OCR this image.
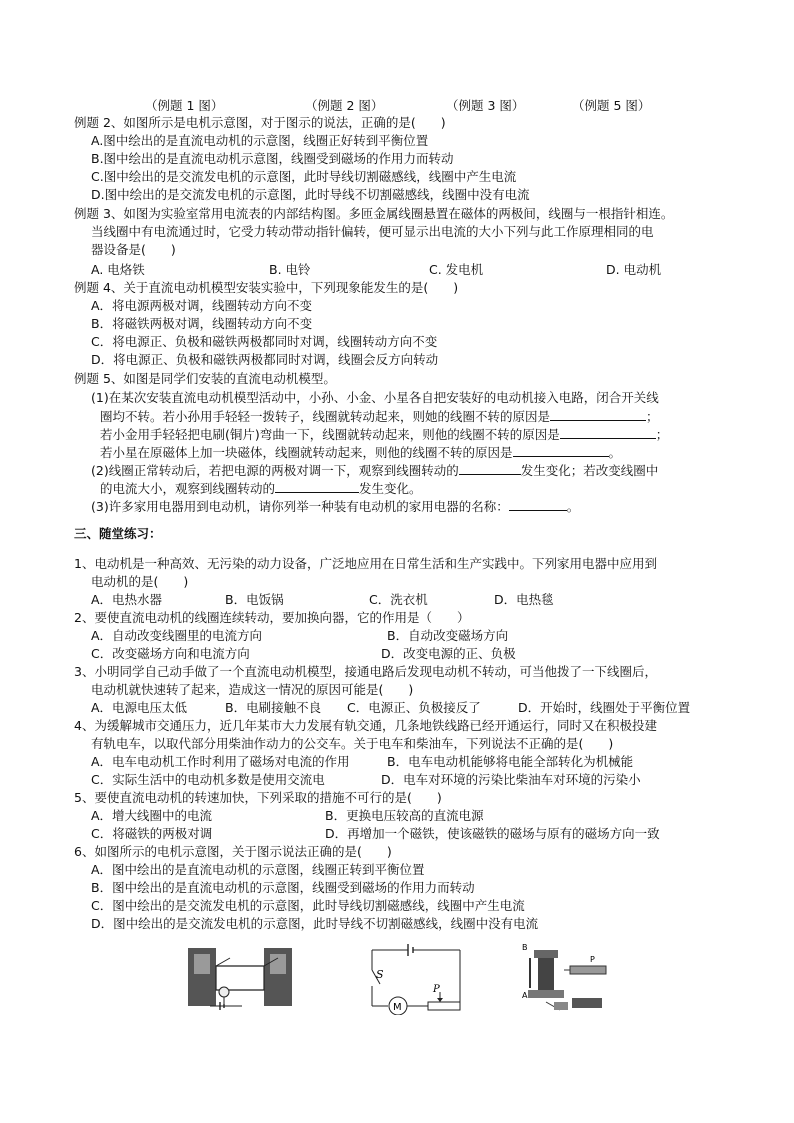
（例题 1 图）	（例题 2 图）	（例题 3 图）	（例题 5 图）
例题 2、如图所示是电机示意图，对于图示的说法，正确的是(　　)
A.图中绘出的是直流电动机的示意图，线圈正好转到平衡位置
B.图中绘出的是直流电动机示意图，线圈受到磁场的作用力而转动
C.图中绘出的是交流发电机的示意图，此时导线切割磁感线，线圈中产生电流
D.图中绘出的是交流发电机的示意图，此时导线不切割磁感线，线圈中没有电流
例题 3、如图为实验室常用电流表的内部结构图。多匝金属线圈悬置在磁体的两极间，线圈与一根指针相连。
当线圈中有电流通过时，它受力转动带动指针偏转，便可显示出电流的大小下列与此工作原理相同的电
器设备是(　　)
A. 电烙铁	B. 电铃	C. 发电机	D. 电动机
例题 4、关于直流电动机模型安装实验中，下列现象能发生的是(　　)
A．将电源两极对调，线圈转动方向不变
B．将磁铁两极对调，线圈转动方向不变
C．将电源正、负极和磁铁两极都同时对调，线圈转动方向不变
D．将电源正、负极和磁铁两极都同时对调，线圈会反方向转动
例题 5、如图是同学们安装的直流电动机模型。
(1)在某次安装直流电动机模型活动中，小孙、小金、小星各自把安装好的电动机接入电路，闭合开关线
圈均不转。若小孙用手轻轻一拨转子，线圈就转动起来，则她的线圈不转的原因是	；
若小金用手轻轻把电刷(铜片)弯曲一下，线圈就转动起来，则他的线圈不转的原因是	；
若小星在原磁体上加一块磁体，线圈就转动起来，则他的线圈不转的原因是	。
(2)线圈正常转动后，若把电源的两极对调一下，观察到线圈转动的	发生变化；若改变线圈中
的电流大小，观察到线圈转动的	发生变化。
(3)许多家用电器用到电动机，请你列举一种装有电动机的家用电器的名称：	。
三、随堂练习：
1、电动机是一种高效、无污染的动力设备，广泛地应用在日常生活和生产实践中。下列家用电器中应用到
电动机的是(　　)
A．电热水器	B．电饭锅	C．洗衣机	D．电热毯
2、要使直流电动机的线圈连续转动，要加换向器，它的作用是（　　）
A．自动改变线圈里的电流方向	B．自动改变磁场方向
C．改变磁场方向和电流方向	D．改变电源的正、负极
3、小明同学自己动手做了一个直流电动机模型，接通电路后发现电动机不转动，可当他拨了一下线圈后，
电动机就快速转了起来，造成这一情况的原因可能是(　　)
A．电源电压太低	B．电刷接触不良 C．电源正、负极接反了	D．开始时，线圈处于平衡位置
4、为缓解城市交通压力，近几年某市大力发展有轨交通，几条地铁线路已经开通运行，同时又在积极投建
有轨电车，以取代部分用柴油作动力的公交车。关于电车和柴油车，下列说法不正确的是(　　)
A．电车电动机工作时利用了磁场对电流的作用	B．电车电动机能够将电能全部转化为机械能
C．实际生活中的电动机多数是使用交流电	D．电车对环境的污染比柴油车对环境的污染小
5、要使直流电动机的转速加快，下列采取的措施不可行的是(　　)
A．增大线圈中的电流	B．更换电压较高的直流电源
C．将磁铁的两极对调	D．再增加一个磁铁，使该磁铁的磁场与原有的磁场方向一致
6、如图所示的电机示意图，关于图示说法正确的是(　　)
A．图中绘出的是直流电动机的示意图，线圈正转到平衡位置
B．图中绘出的是直流电动机的示意图，线圈受到磁场的作用力而转动
C．图中绘出的是交流发电机的示意图，此时导线切割磁感线，线圈中产生电流
D．图中绘出的是交流发电机的示意图，此时导线不切割磁感线，线圈中没有电流
S
M
P
B
A
P
